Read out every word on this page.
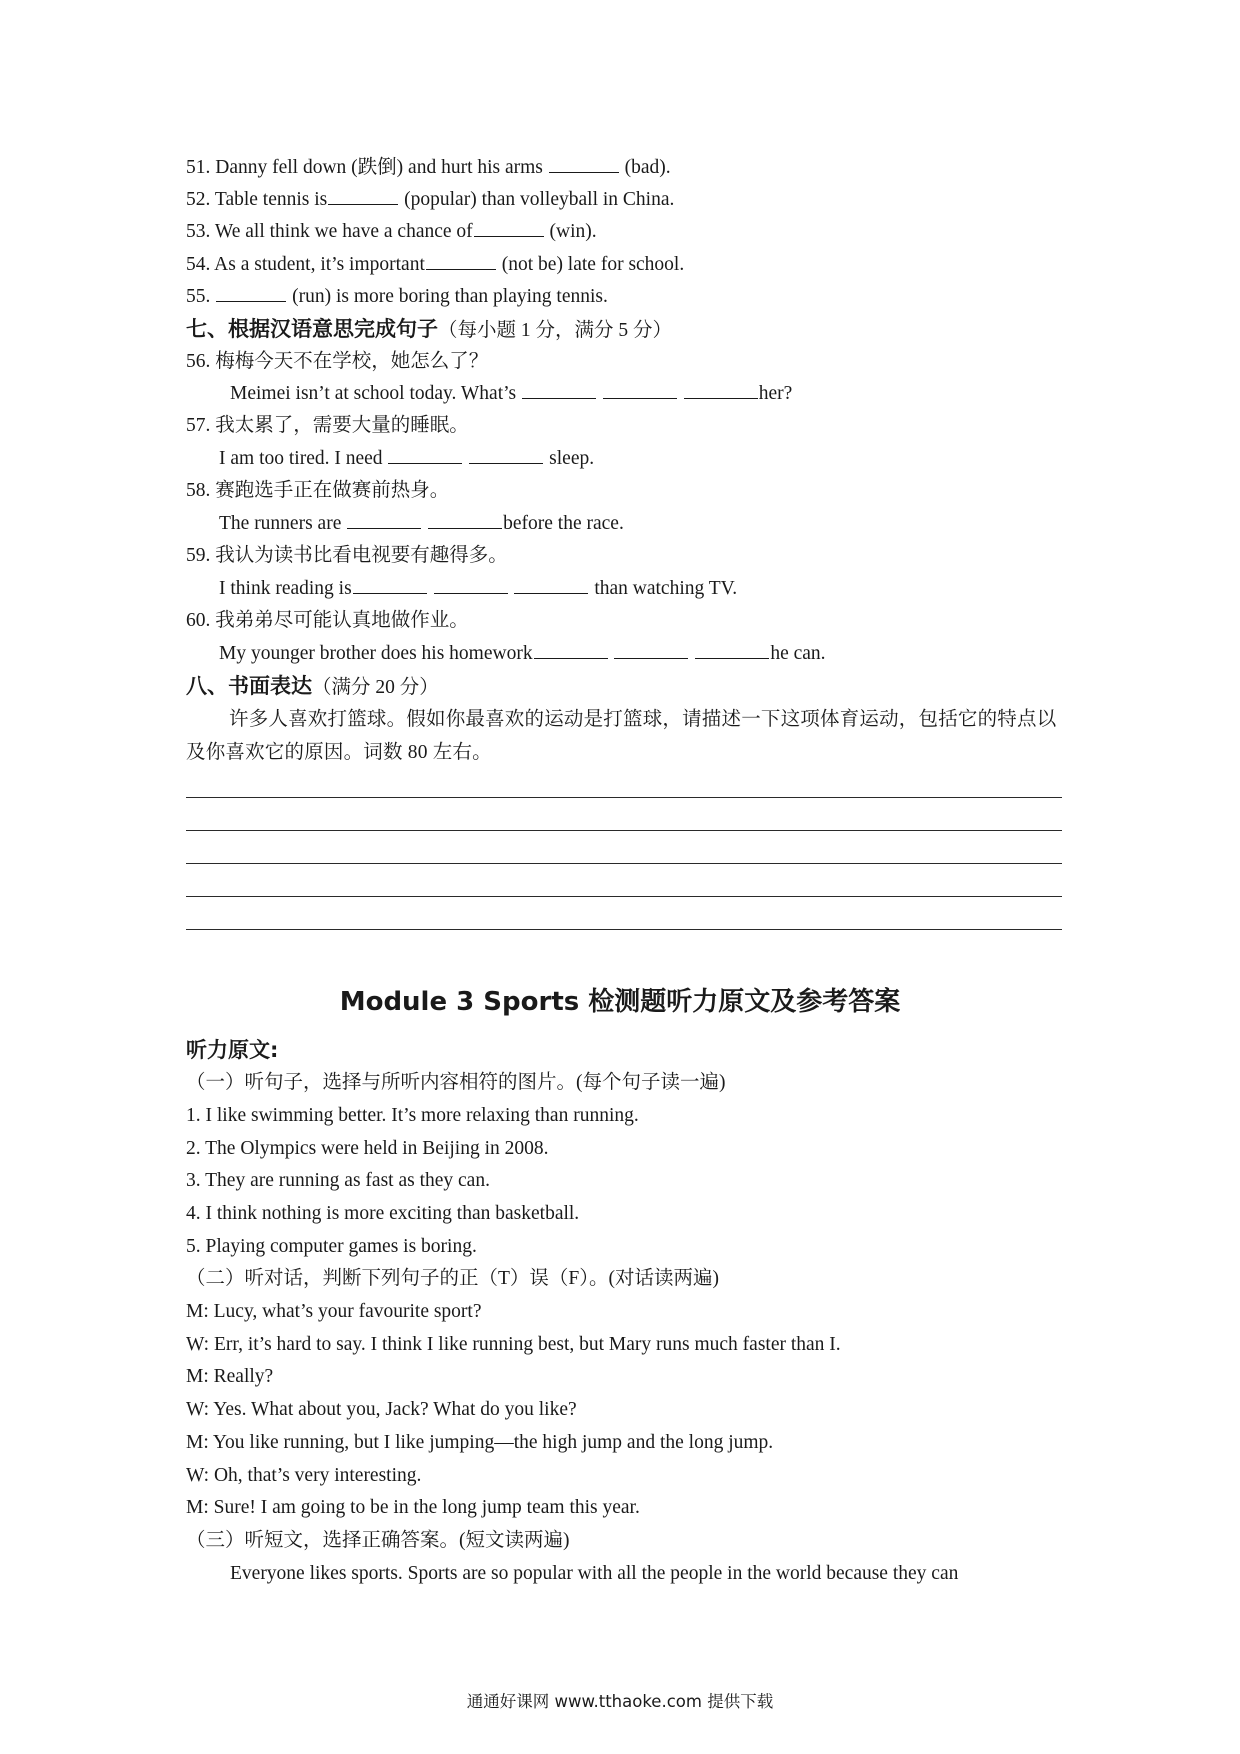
51. Danny fell down (跌倒) and hurt his arms	(bad).
52. Table tennis is	(popular) than volleyball in China.
53. We all think we have a chance of	(win).
54. As a student, it’s important	(not be) late for school.
55.	(run) is more boring than playing tennis.
七、根据汉语意思完成句子（每小题 1 分，满分 5 分）
56. 梅梅今天不在学校，她怎么了？
Meimei isn’t at school today. What’s	her?
57. 我太累了，需要大量的睡眠。
I am too tired. I need	sleep.
58. 赛跑选手正在做赛前热身。
The runners are	before the race.
59. 我认为读书比看电视要有趣得多。
I think reading is	than watching TV.
60. 我弟弟尽可能认真地做作业。
My younger brother does his homework	he can.
八、书面表达（满分 20 分）
许多人喜欢打篮球。假如你最喜欢的运动是打篮球，请描述一下这项体育运动，包括它的特点以及你喜欢它的原因。词数 80 左右。
Module 3 Sports 检测题听力原文及参考答案
听力原文:
（一）听句子，选择与所听内容相符的图片。(每个句子读一遍)
1. I like swimming better. It’s more relaxing than running.
2. The Olympics were held in Beijing in 2008.
3. They are running as fast as they can.
4. I think nothing is more exciting than basketball.
5. Playing computer games is boring.
（二）听对话，判断下列句子的正（T）误（F）。(对话读两遍)
M: Lucy, what’s your favourite sport?
W: Err, it’s hard to say. I think I like running best, but Mary runs much faster than I.
M: Really?
W: Yes. What about you, Jack? What do you like?
M: You like running, but I like jumping—the high jump and the long jump.
W: Oh, that’s very interesting.
M: Sure! I am going to be in the long jump team this year.
（三）听短文，选择正确答案。(短文读两遍)
Everyone likes sports. Sports are so popular with all the people in the world because they can
通通好课网 www.tthaoke.com 提供下载
